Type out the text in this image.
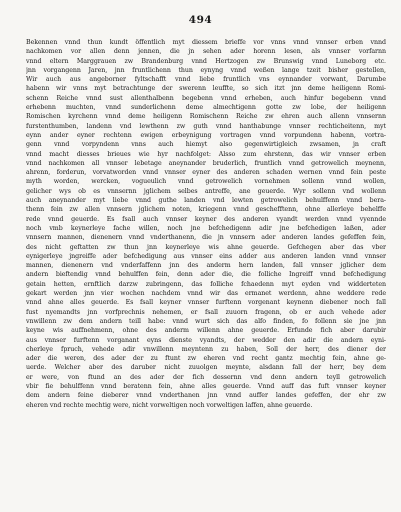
494
Bekennen vnnd thun kundt öffentlich myt diessem brieffe vor vnns vnnd vnnser erben vnnd
nachkomen vor allen denn jennen, die jn sehen ader horenn lesen, als vnnser vorfarnn
vnnd eltern Marggrauen zw Brandenburg vnnd Hertzogen zw Brunswig vnnd Luneborg etc.
jnn vorgangenn Jaren, jnn fruntlichenn thun eynyng vnnd weßen lange tzeit bisher gestellen,
Wir auch aus angeborner fyltschafft vnnd liebe fruntlich vns eynnander vorwant, Darumbe
habenn wir vnns myt betrachtunge der swerenn leuffte, so sich itzt jnn deme heiligenn Romi-
schenn Reiche vnnd sust allenthalbenn begebenn vnnd erheben, auch hinfur begebenn vnnd
erhebenn muchten, vnnd sunderlichenn deme almechtigenn gotte zw lobe, der heiligenn
Romischen kyrchenn vnnd deme heiligenn Romischenn Reiche zw ehren auch allenn vnnsernn
furstenthumben, landenn vnd lewthenn zw guth vnnd hanthabunge vnnser rechticheitenn, myt
eynn ander eyner rechtenn ewigen erbeynigung vortragen vnnd vorpundenn habenn, vortra-
genn vnnd vorpyndenn vnns auch hiemyt also gegenwirtigleich zwsamen, jn craft
vnnd macht diesses brieues wie hyr nachfolget: Alsso zum ehrstenn, das wir vnnser erben
vnnd nachkomen all vnnser lebetage aneynander bruderlich, fruntlich vnnd getrowelich meynenn,
ahrenn, forderun, vorvatworden vnnd vnnser eyner des anderen schaden wernen vnnd fein peste
myth worden, wercken, vogueulich vnnd getrowelich vornehmen sollenn vnnd wollen,
gelicher wys ob es vnnsernn jglichem selbes antreffe, ane geuerde. Wyr sollenn vnd wollenn
auch aneynander myt liebe vnnd guthe landen vnd lewten getrowelich behulffenn vnnd bera-
thenn fein zw allen vnnsern jglichem noten, kriegenn vnnd geschefftenn, ohne allerleye behelffe
rede vnnd geuerde. Es fsall auch vnnser keyner des anderen vyandt werden vnnd vyennde
noch vmb keynerleye fache willen, noch jne befchedigenn adir jne befchedigen laßen, ader
vnnsern mannen, dienenern vnnd vnderthanenn, die jn vnnsern ader anderen landes gefeffen fein,
des nicht geftatten zw thun jnn keynerleye wis ahne geuerde. Gefchegen aber das vber
eynigerleye jngreiffe ader befchedigung aus vnnser eins adder aus anderen landen vnnd vnnser
mannen, dienenern vnd vnderfaffenn jnn des anderm hern landen, fall vnnser jglicher dem
andern bieftendig vnnd behulffen fein, denn ader die, die folliche Ingreiff vnnd befchedigung
getain hetten, ernftlich darzw zubringenn, das folliche fchaedenn myt eyden vnd widderteten
gekart werden jnn vier wochen nachdem vnnd wir das ermanet werdenn, ahne weddere rede
vnnd ahne alles geuerde. Es fsall keyner vnnser furftenn vorgenant keynenn diebener noch fall
fust nyemandts jnn vorfprechnis nehemen, er fsall zuuorn fragenn, ob er auch vehede ader
vnwillenn zw dem andern teill habe: vnnd wurt sich das alfo finden, fo follenn sie jne jnn
keyne wis auffnehmenn, ohne des anderm willenn ahne geuerde. Erfunde fich aber darubir
aus vnnser furftenn vorganant eyns dienste vyandts, der wedder den adir die andern eyni-
cherleye fpruch, vehede adir vnwillenn meyntenn zu haben, Soll der herr, des diener der
ader die weren, des ader der zu ftunt zw eheren vnd recht gantz mechtig fein, ahne ge-
uerde. Welcher aber des daruber nicht zuuolgen meynte, alsdann fall der herr, bey dem
er were, von ftund an des ader der fich dessernn vnd denn andern teyll getrowelich
vbir fie behulffenn vnnd beratenn fein, ahne alles geuerde. Vnnd auff das fuft vnnser keyner
dem andern feine dieberer vnnd vnderthanen jnn vnnd auffer landes gefeffen, der ehr zw
eheren vnd rechte mechtig were, nicht vorweltigen noch vorweltigen laffen, ahne geuerde.
